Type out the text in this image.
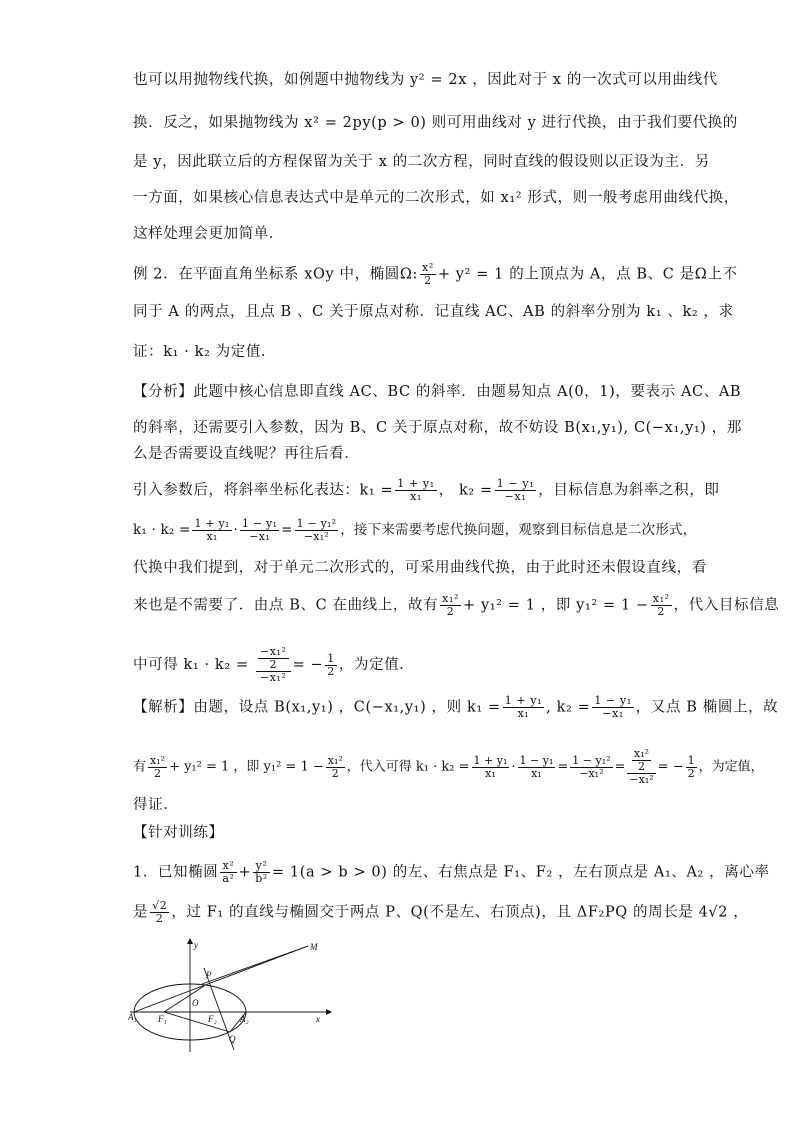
也可以用抛物线代换，如例题中抛物线为 y² = 2x ，因此对于 x 的一次式可以用曲线代
换．反之，如果抛物线为 x² = 2py(p > 0) 则可用曲线对 y 进行代换，由于我们要代换的
是 y，因此联立后的方程保留为关于 x 的二次方程，同时直线的假设则以正设为主．另
一方面，如果核心信息表达式中是单元的二次形式，如 x₁² 形式，则一般考虑用曲线代换，
这样处理会更加简单．
例 2．在平面直角坐标系 xOy 中，椭圆Ω: $\frac{\text{x²}}{2} + y^2 = 1$ 的上顶点为 A，点 B、C 是Ω上不
同于 A 的两点，且点 B 、C 关于原点对称．记直线 AC、AB 的斜率分别为 k₁ 、k₂ ，求
证：k₁ · k₂ 为定值．
【分析】此题中核心信息即直线 AC、BC 的斜率．由题易知点 A(0，1)，要表示 AC、AB
的斜率，还需要引入参数，因为 B、C 关于原点对称，故不妨设 B(x₁,y₁), C(−x₁,y₁) ，那
么是否需要设直线呢？再往后看．
引入参数后，将斜率坐标化表达：$k_1 = \frac{\text{1 + y₁}}{\text{x₁}}$ ， $k_2 = \frac{\text{1 − y₁}}{\text{−x₁}}$ ，目标信息为斜率之积，即
$k_1 \cdot k_2 = \frac{\text{1 + y₁}}{\text{x₁}} \cdot \frac{\text{1 − y₁}}{\text{−x₁}} = \frac{\text{1 − y₁²}}{\text{−x₁²}}$ ，接下来需要考虑代换问题，观察到目标信息是二次形式，
代换中我们提到，对于单元二次形式的，可采用曲线代换，由于此时还未假设直线，看
来也是不需要了．由点 B、C 在曲线上，故有 $\frac{\text{x₁²}}{2} + y_1^2 = 1$ ，即 $y_1^2 = 1 - \frac{\text{x₁²}}{2}$ ，代入目标信息
中可得 $k_1 \cdot k_2 = \frac{\frac{\text{−x₁²}}{2}}{\text{−x₁²}}$ = − $\frac{1}{2}$ ，为定值．
【解析】由题，设点 B(x₁,y₁) ，C(−x₁,y₁) ，则 $k_1 = \frac{\text{1 + y₁}}{\text{x₁}}$ , $k_2 = \frac{\text{1 − y₁}}{\text{−x₁}}$ ，又点 B 椭圆上，故
有 $\frac{\text{x₁²}}{2} + y_1^2 = 1$ ，即 $y_1^2 = 1 - \frac{\text{x₁²}}{2}$ ，代入可得 $k_1 \cdot k_2 = \frac{\text{1 + y₁}}{\text{x₁}} \cdot \frac{\text{1 − y₁}}{\text{x₁}} = \frac{\text{1 − y₁²}}{\text{−x₁²}} = \frac{\frac{\text{x₁²}}{2}}{\text{−x₁²}}$ = − $\frac{1}{2}$ ，为定值，
得证．
【针对训练】
1．已知椭圆 $\frac{\text{x²}}{\text{a²}} + \frac{\text{y²}}{\text{b²}} = 1(a > b > 0)$ 的左、右焦点是 F₁、F₂ ，左右顶点是 A₁、A₂ ，离心率
是 $\frac{√2}{2}$ ，过 F₁ 的直线与椭圆交于两点 P、Q(不是左、右顶点)，且 ΔF₂PQ 的周长是 4√2 ，
y
x
M
P
O
A₁ F₁	F₂	A₂
Q
